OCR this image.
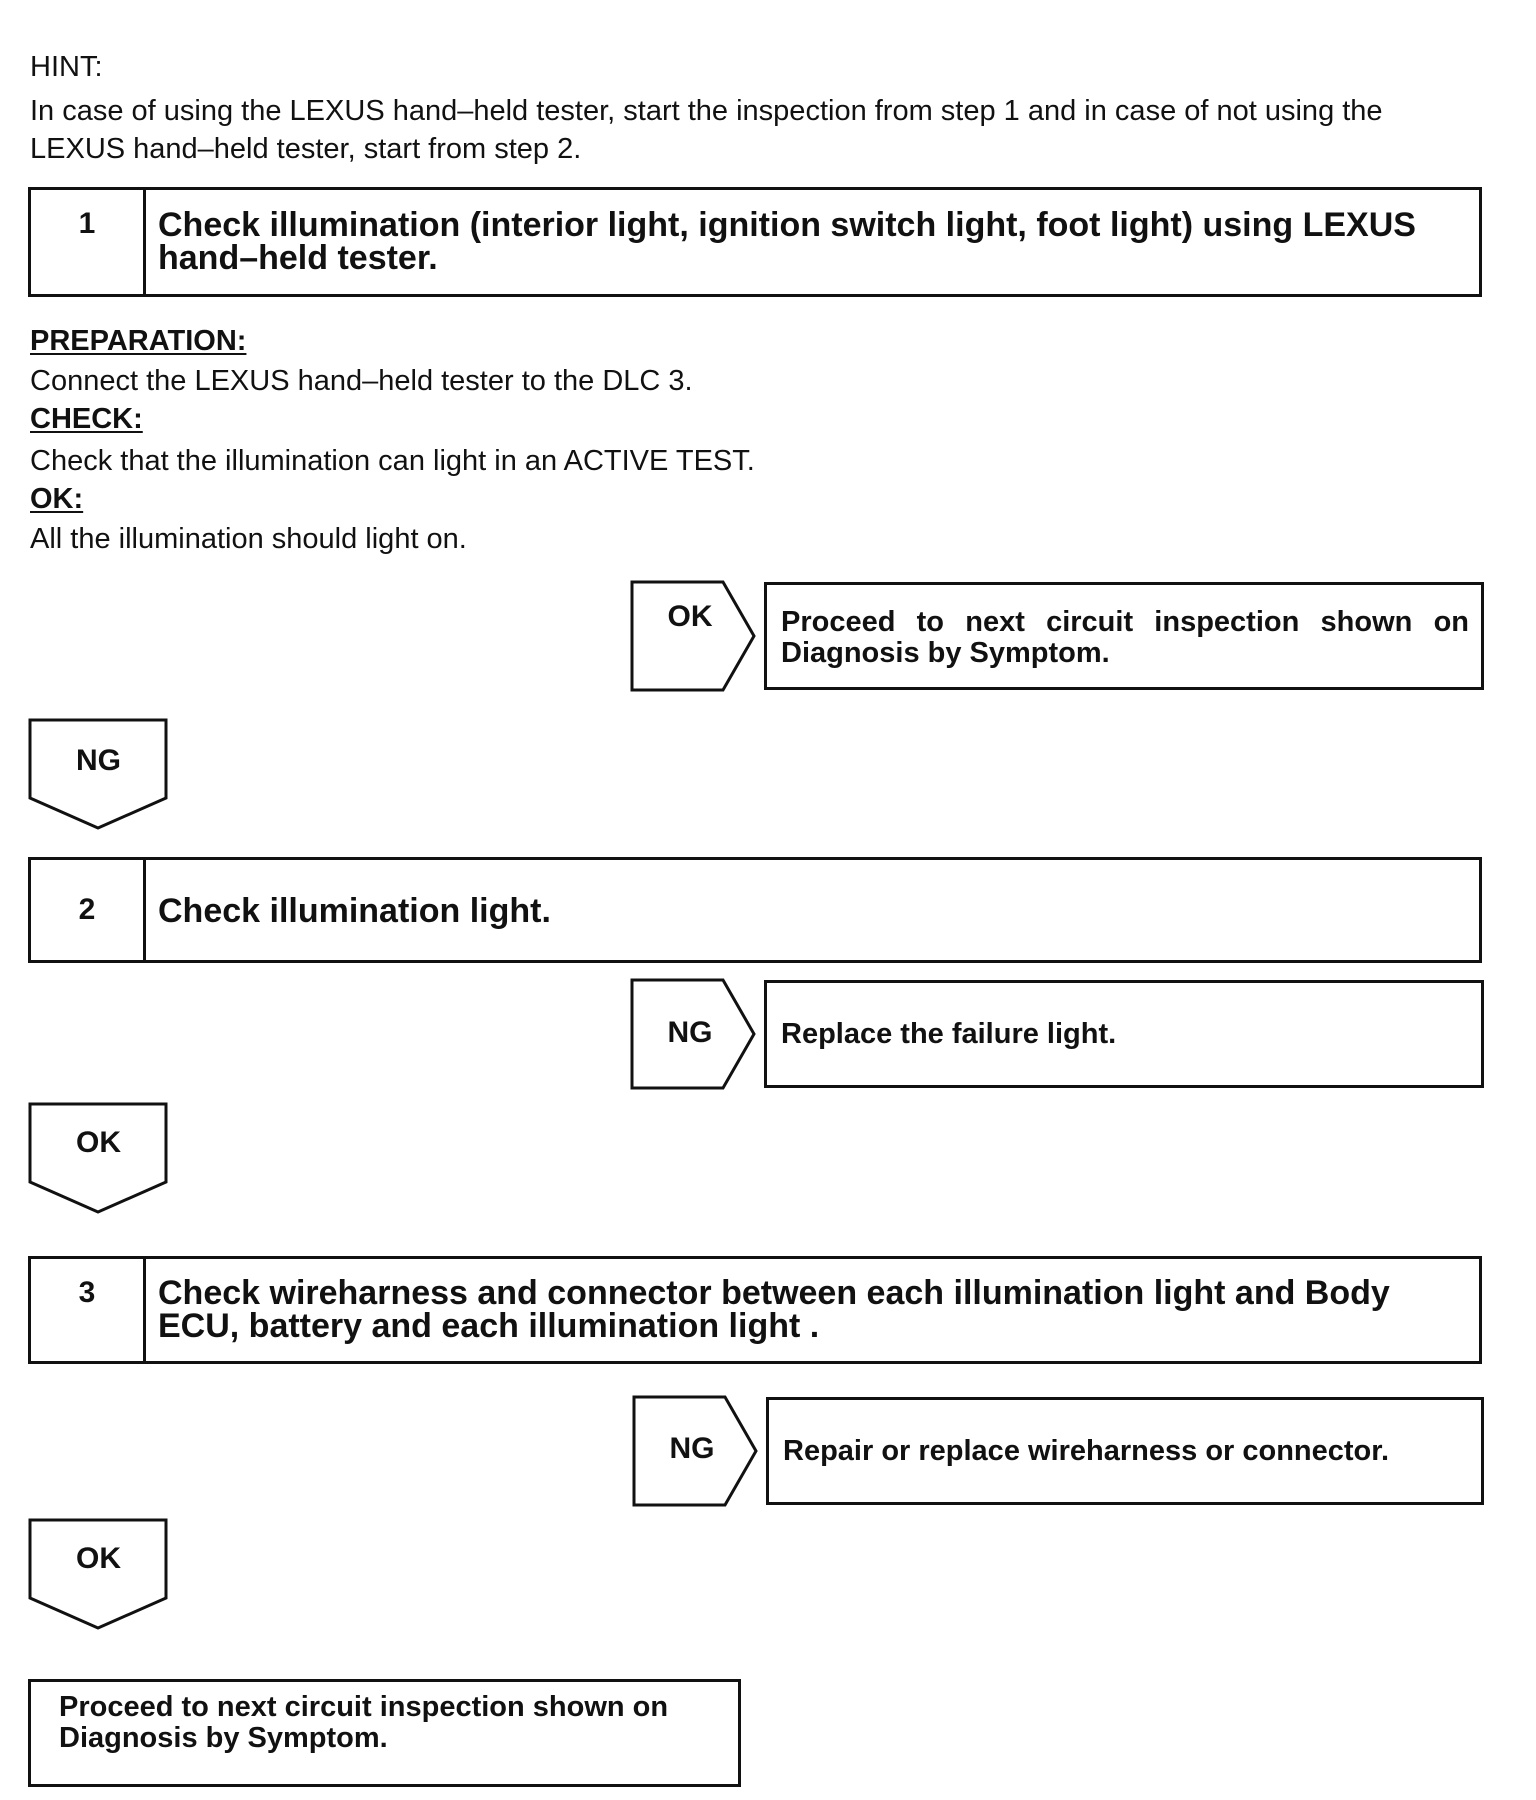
HINT:
In case of using the LEXUS hand–held tester, start the inspection from step 1 and in case of not using the
LEXUS hand–held tester, start from step 2.
1	Check illumination (interior light, ignition switch light, foot light) using LEXUS hand–held tester.
PREPARATION:
Connect the LEXUS hand–held tester to the DLC 3.
CHECK:
Check that the illumination can light in an ACTIVE TEST.
OK:
All the illumination should light on.
OK	Proceed to next circuit inspection shown on Diagnosis by Symptom.
NG
2	Check illumination light.
NG	Replace the failure light.
OK
3	Check wireharness and connector between each illumination light and Body ECU, battery and each illumination light .
NG	Repair or replace wireharness or connector.
OK
Proceed to next circuit inspection shown on Diagnosis by Symptom.
